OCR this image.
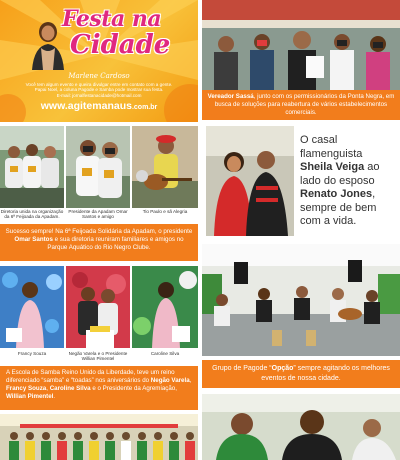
Festa na
Cidade
Marlene Cardoso
Você tem algum evento e queira divulgar entre em contato com a gente.
Papai Noel, a coluna Pagode e Samba pode mostrar sua festa.
E-mail: jornalfestanacidade@hotmail.com
www.agitemanaus.com.br
Diretoria unida na organização da 6ª Feijoada da Apadam.
Presidente da Apadam Omar Santos e amigo
Tio Paulo e sã Alegria
Sucesso sempre! Na 6ª Feijoada Solidária da Apadam, o presidente Omar Santos e sua diretoria reuniram familiares e amigos no Parque Aquático do Rio Negro Clube.
Francy Souza	Negão Varela e o Presidente Willian Pimentel
Caroline Silva
A Escola de Samba Reino Unido da Liberdade, teve um reino diferenciado “samba” e “toadas” nos aniversários do Negão Varela, Francy Souza, Caroline Silva e o Presidente da Agremiação, Willian Pimentel.
Vereador Sassá, junto com os permissionários da Ponta Negra, em busca de soluções para reabertura de vários estabelecimentos comerciais.
O casal
flamenguista
Sheila Veiga ao
lado do esposo
Renato Jones,
sempre de bem
com a vida.
Grupo de Pagode “Opção” sempre agitando os melhores eventos de nossa cidade.
